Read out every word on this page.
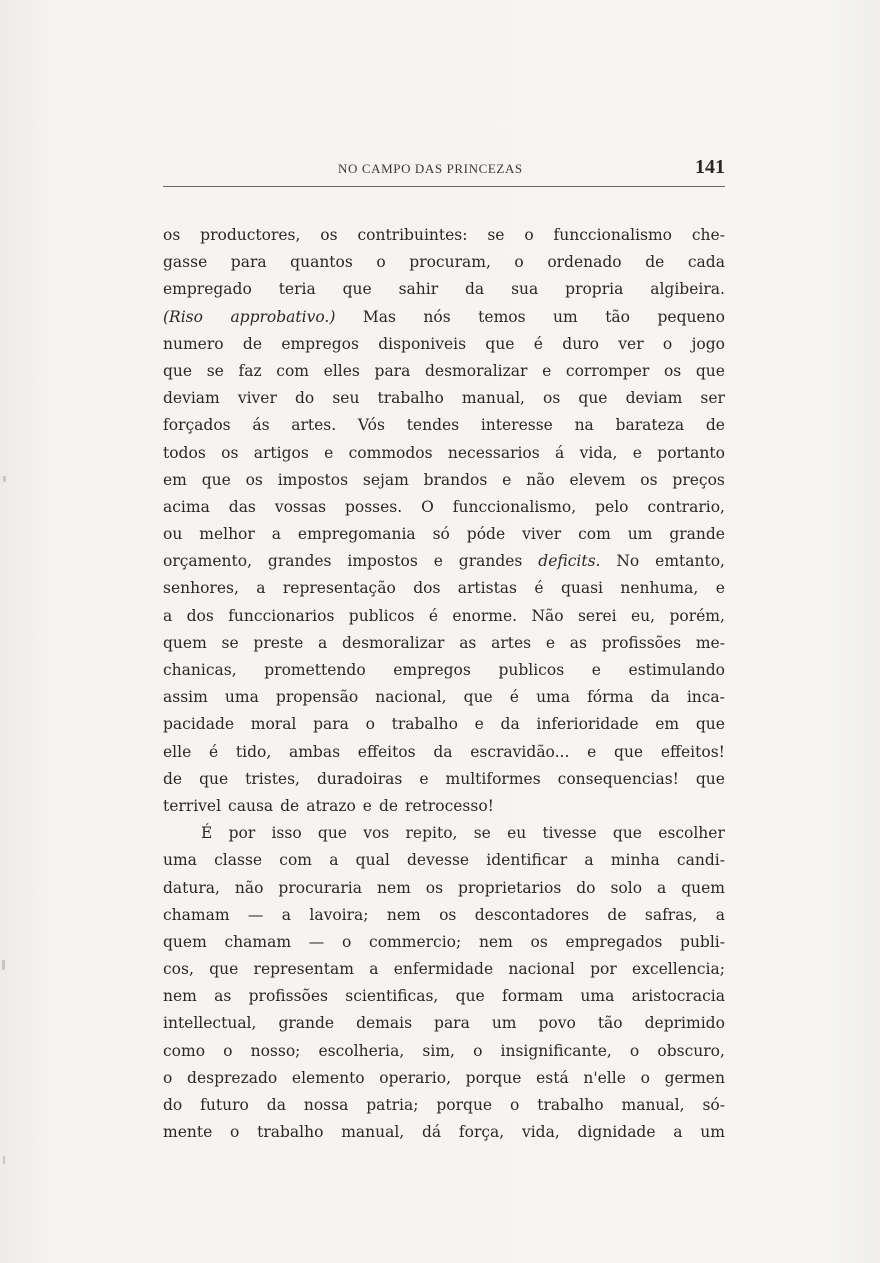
NO CAMPO DAS PRINCEZAS	141
os productores, os contribuintes: se o funccionalismo che-
gasse para quantos o procuram, o ordenado de cada
empregado teria que sahir da sua propria algibeira.
(Riso approbativo.) Mas nós temos um tão pequeno
numero de empregos disponiveis que é duro ver o jogo
que se faz com elles para desmoralizar e corromper os que
deviam viver do seu trabalho manual, os que deviam ser
forçados ás artes. Vós tendes interesse na barateza de
todos os artigos e commodos necessarios á vida, e portanto
em que os impostos sejam brandos e não elevem os preços
acima das vossas posses. O funccionalismo, pelo contrario,
ou melhor a empregomania só póde viver com um grande
orçamento, grandes impostos e grandes deficits. No emtanto,
senhores, a representação dos artistas é quasi nenhuma, e
a dos funccionarios publicos é enorme. Não serei eu, porém,
quem se preste a desmoralizar as artes e as profissões me-
chanicas, promettendo empregos publicos e estimulando
assim uma propensão nacional, que é uma fórma da inca-
pacidade moral para o trabalho e da inferioridade em que
elle é tido, ambas effeitos da escravidão... e que effeitos!
de que tristes, duradoiras e multiformes consequencias! que
terrivel causa de atrazo e de retrocesso!
É por isso que vos repito, se eu tivesse que escolher
uma classe com a qual devesse identificar a minha candi-
datura, não procuraria nem os proprietarios do solo a quem
chamam — a lavoira; nem os descontadores de safras, a
quem chamam — o commercio; nem os empregados publi-
cos, que representam a enfermidade nacional por excellencia;
nem as profissões scientificas, que formam uma aristocracia
intellectual, grande demais para um povo tão deprimido
como o nosso; escolheria, sim, o insignificante, o obscuro,
o desprezado elemento operario, porque está n'elle o germen
do futuro da nossa patria; porque o trabalho manual, só-
mente o trabalho manual, dá força, vida, dignidade a um
